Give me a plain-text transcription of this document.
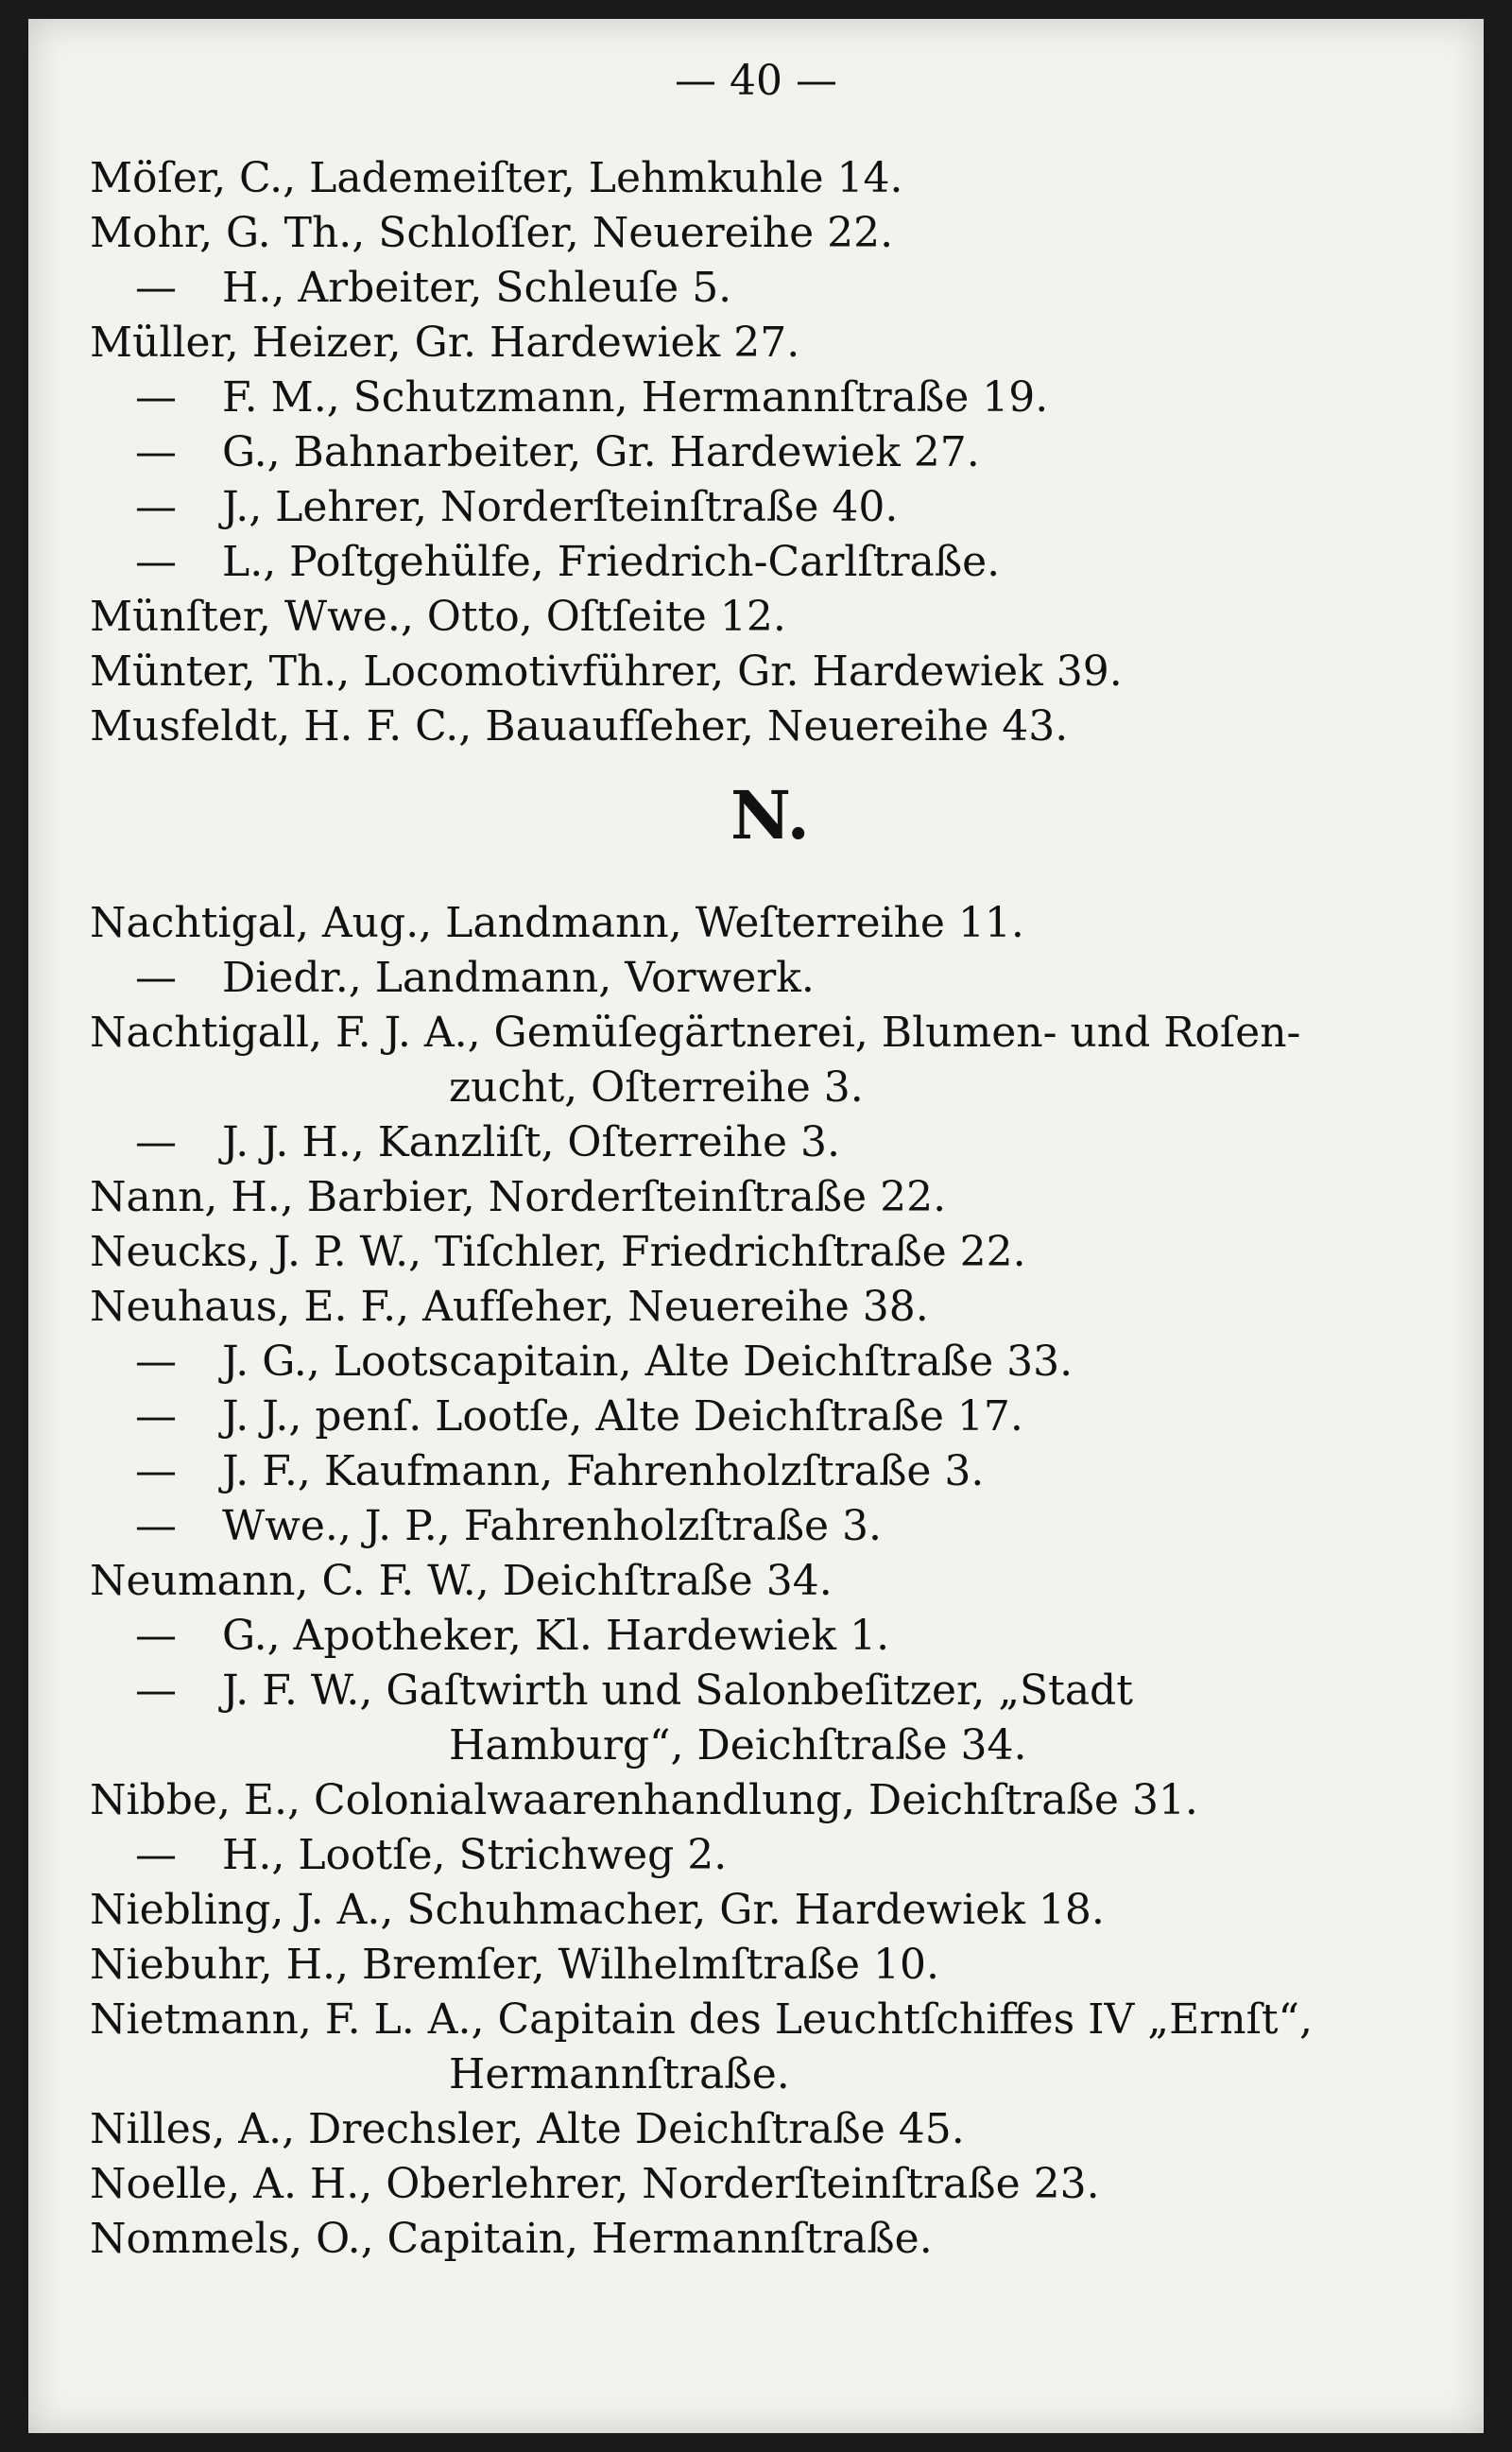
— 40 —
Möſer, C., Lademeiſter, Lehmkuhle 14.
Mohr, G. Th., Schloſſer, Neuereihe 22.
— H., Arbeiter, Schleuſe 5.
Müller, Heizer, Gr. Hardewiek 27.
— F. M., Schutzmann, Hermannſtraße 19.
— G., Bahnarbeiter, Gr. Hardewiek 27.
— J., Lehrer, Norderſteinſtraße 40.
— L., Poſtgehülfe, Friedrich-Carlſtraße.
Münſter, Wwe., Otto, Oſtſeite 12.
Münter, Th., Locomotivführer, Gr. Hardewiek 39.
Musfeldt, H. F. C., Bauaufſeher, Neuereihe 43.
N.
Nachtigal, Aug., Landmann, Weſterreihe 11.
— Diedr., Landmann, Vorwerk.
Nachtigall, F. J. A., Gemüſegärtnerei, Blumen- und Roſen-
zucht, Oſterreihe 3.
— J. J. H., Kanzliſt, Oſterreihe 3.
Nann, H., Barbier, Norderſteinſtraße 22.
Neucks, J. P. W., Tiſchler, Friedrichſtraße 22.
Neuhaus, E. F., Aufſeher, Neuereihe 38.
— J. G., Lootscapitain, Alte Deichſtraße 33.
— J. J., penſ. Lootſe, Alte Deichſtraße 17.
— J. F., Kaufmann, Fahrenholzſtraße 3.
— Wwe., J. P., Fahrenholzſtraße 3.
Neumann, C. F. W., Deichſtraße 34.
— G., Apotheker, Kl. Hardewiek 1.
— J. F. W., Gaſtwirth und Salonbeſitzer, „Stadt
Hamburg“, Deichſtraße 34.
Nibbe, E., Colonialwaarenhandlung, Deichſtraße 31.
— H., Lootſe, Strichweg 2.
Niebling, J. A., Schuhmacher, Gr. Hardewiek 18.
Niebuhr, H., Bremſer, Wilhelmſtraße 10.
Nietmann, F. L. A., Capitain des Leuchtſchiffes IV „Ernſt“,
Hermannſtraße.
Nilles, A., Drechsler, Alte Deichſtraße 45.
Noelle, A. H., Oberlehrer, Norderſteinſtraße 23.
Nommels, O., Capitain, Hermannſtraße.
